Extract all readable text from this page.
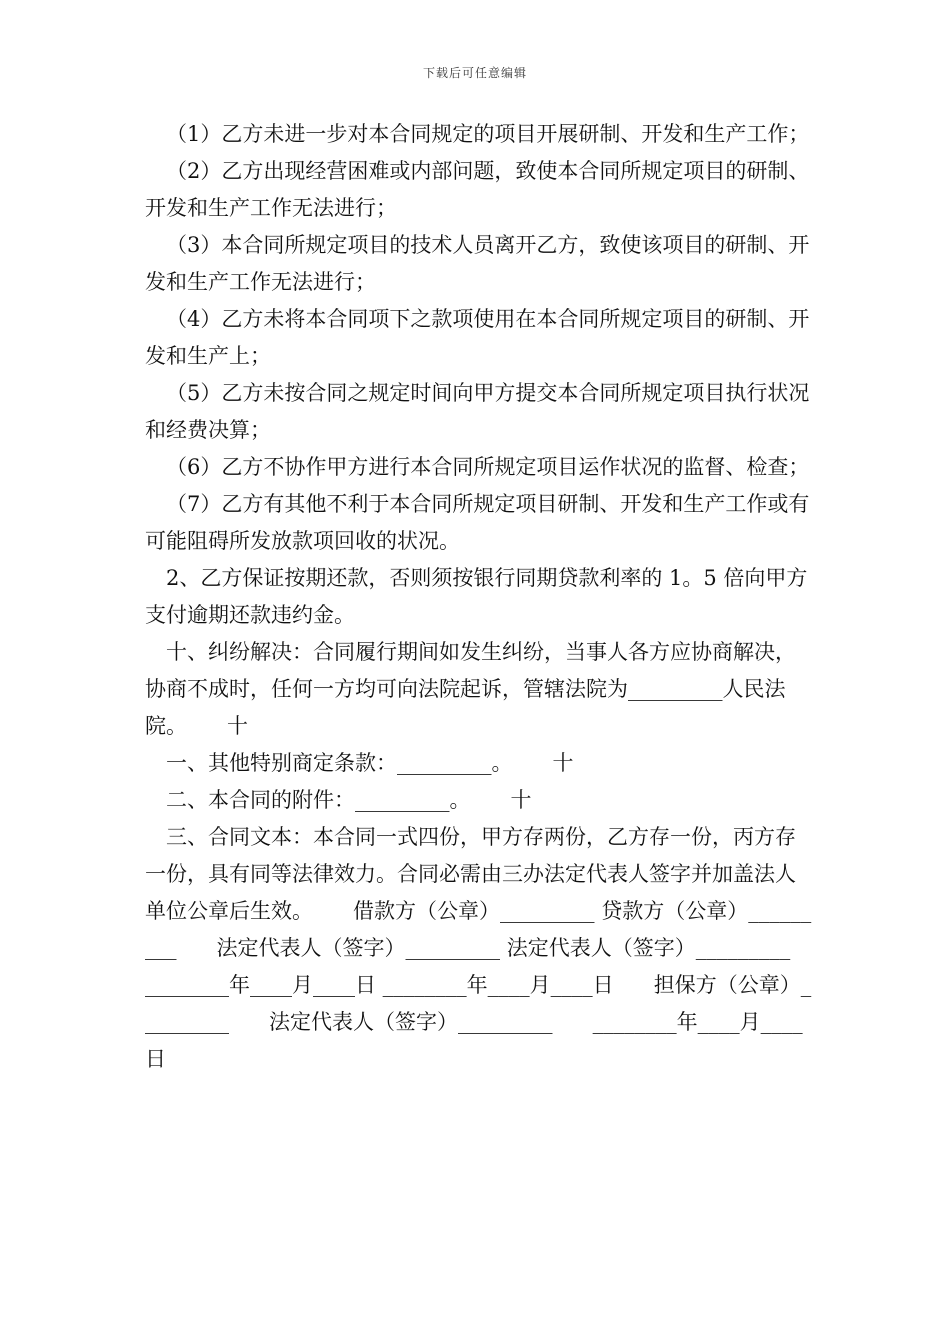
下载后可任意编辑

（1）乙方未进一步对本合同规定的项目开展研制、开发和生产工作；

（2）乙方出现经营困难或内部问题，致使本合同所规定项目的研制、开发和生产工作无法进行；

（3）本合同所规定项目的技术人员离开乙方，致使该项目的研制、开发和生产工作无法进行；

（4）乙方未将本合同项下之款项使用在本合同所规定项目的研制、开发和生产上；

（5）乙方未按合同之规定时间向甲方提交本合同所规定项目执行状况和经费决算；

（6）乙方不协作甲方进行本合同所规定项目运作状况的监督、检查；

（7）乙方有其他不利于本合同所规定项目研制、开发和生产工作或有可能阻碍所发放款项回收的状况。

2、乙方保证按期还款，否则须按银行同期贷款利率的 1。5 倍向甲方支付逾期还款违约金。

十、纠纷解决：合同履行期间如发生纠纷，当事人各方应协商解决，协商不成时，任何一方均可向法院起诉，管辖法院为_________人民法院。      十

一、其他特别商定条款：_________。      十

二、本合同的附件：_________。      十

三、合同文本：本合同一式四份，甲方存两份，乙方存一份，丙方存一份，具有同等法律效力。合同必需由三办法定代表人签字并加盖法人单位公章后生效。      借款方（公章）_________ 贷款方（公章）_________      法定代表人（签字）_________ 法定代表人（签字）_________      ________年____月____日 ________年____月____日      担保方（公章）_________      法定代表人（签字）_________      ________年____月____日
